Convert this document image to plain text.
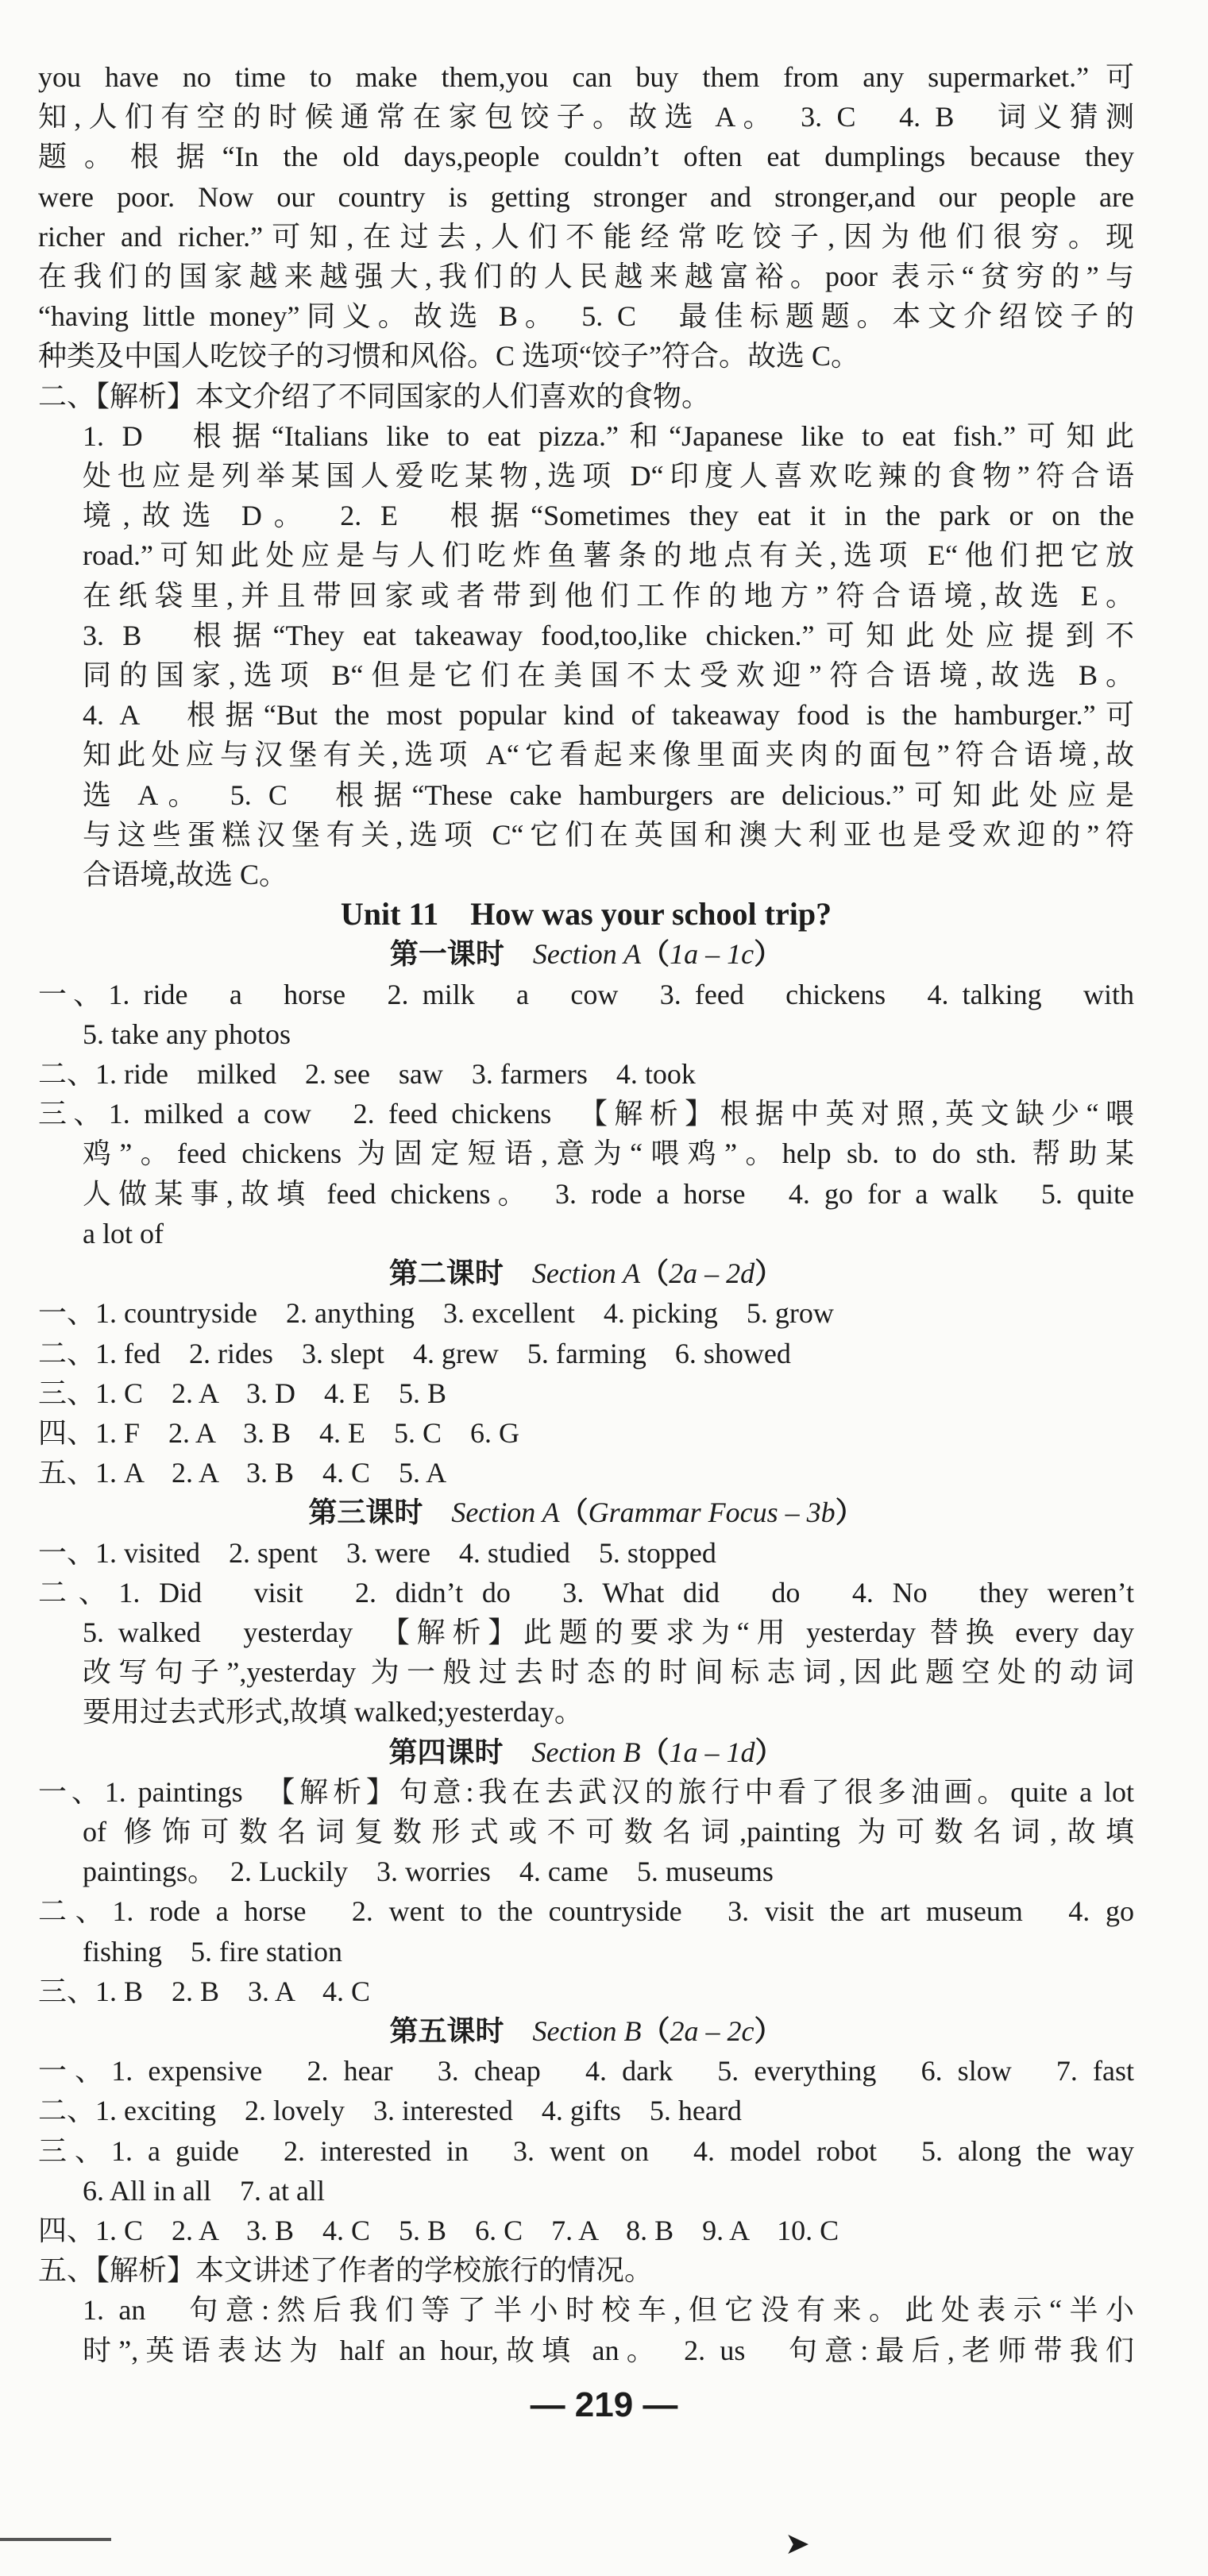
you have no time to make them,you can buy them from any supermarket.”可
知,人们有空的时候通常在家包饺子。故选 A。　3. C　4. B　词义猜测
题。根据“In the old days,people couldn’t often eat dumplings because they
were poor. Now our country is getting stronger and stronger,and our people are
richer and richer.”可知,在过去,人们不能经常吃饺子,因为他们很穷。现
在我们的国家越来越强大,我们的人民越来越富裕。poor 表示“贫穷的”与
“having little money”同义。故选 B。　5. C　最佳标题题。本文介绍饺子的
种类及中国人吃饺子的习惯和风俗。C 选项“饺子”符合。故选 C。
二、【解析】本文介绍了不同国家的人们喜欢的食物。
1. D　根据“Italians like to eat pizza.”和“Japanese like to eat fish.”可知此
处也应是列举某国人爱吃某物,选项 D“印度人喜欢吃辣的食物”符合语
境,故选 D。　2. E　根据“Sometimes they eat it in the park or on the
road.”可知此处应是与人们吃炸鱼薯条的地点有关,选项 E“他们把它放
在纸袋里,并且带回家或者带到他们工作的地方”符合语境,故选 E。
3. B　根据“They eat takeaway food,too,like chicken.”可知此处应提到不
同的国家,选项 B“但是它们在美国不太受欢迎”符合语境,故选 B。
4. A　根据“But the most popular kind of takeaway food is the hamburger.”可
知此处应与汉堡有关,选项 A“它看起来像里面夹肉的面包”符合语境,故
选 A。　5. C　根据“These cake hamburgers are delicious.”可知此处应是
与这些蛋糕汉堡有关,选项 C“它们在英国和澳大利亚也是受欢迎的”符
合语境,故选 C。
Unit 11　How was your school trip?
第一课时　Section A（1a – 1c）
一、1. ride　a　horse　2. milk　a　cow　3. feed　chickens　4. talking　with
5. take any photos
二、1. ride　milked　2. see　saw　3. farmers　4. took
三、1. milked a cow　2. feed chickens　【解析】根据中英对照,英文缺少“喂
鸡”。feed chickens 为固定短语,意为“喂鸡”。help sb. to do sth. 帮助某
人做某事,故填 feed chickens。　3. rode a horse　4. go for a walk　5. quite
a lot of
第二课时　Section A（2a – 2d）
一、1. countryside　2. anything　3. excellent　4. picking　5. grow
二、1. fed　2. rides　3. slept　4. grew　5. farming　6. showed
三、1. C　2. A　3. D　4. E　5. B
四、1. F　2. A　3. B　4. E　5. C　6. G
五、1. A　2. A　3. B　4. C　5. A
第三课时　Section A（Grammar Focus – 3b）
一、1. visited　2. spent　3. were　4. studied　5. stopped
二、1. Did　visit　2. didn’t do　3. What did　do　4. No　they weren’t
5. walked　yesterday　【解析】此题的要求为“用 yesterday 替换 every day
改写句子”,yesterday 为一般过去时态的时间标志词,因此题空处的动词
要用过去式形式,故填 walked;yesterday。
第四课时　Section B（1a – 1d）
一、1. paintings　【解析】句意:我在去武汉的旅行中看了很多油画。quite a lot
of 修饰可数名词复数形式或不可数名词,painting 为可数名词,故填
paintings。　2. Luckily　3. worries　4. came　5. museums
二、1. rode a horse　2. went to the countryside　3. visit the art museum　4. go
fishing　5. fire station
三、1. B　2. B　3. A　4. C
第五课时　Section B（2a – 2c）
一、1. expensive　2. hear　3. cheap　4. dark　5. everything　6. slow　7. fast
二、1. exciting　2. lovely　3. interested　4. gifts　5. heard
三、1. a guide　2. interested in　3. went on　4. model robot　5. along the way
6. All in all　7. at all
四、1. C　2. A　3. B　4. C　5. B　6. C　7. A　8. B　9. A　10. C
五、【解析】本文讲述了作者的学校旅行的情况。
1. an　句意:然后我们等了半小时校车,但它没有来。此处表示“半小
时”,英语表达为 half an hour,故填 an。　2. us　句意:最后,老师带我们
— 219 —
➤
